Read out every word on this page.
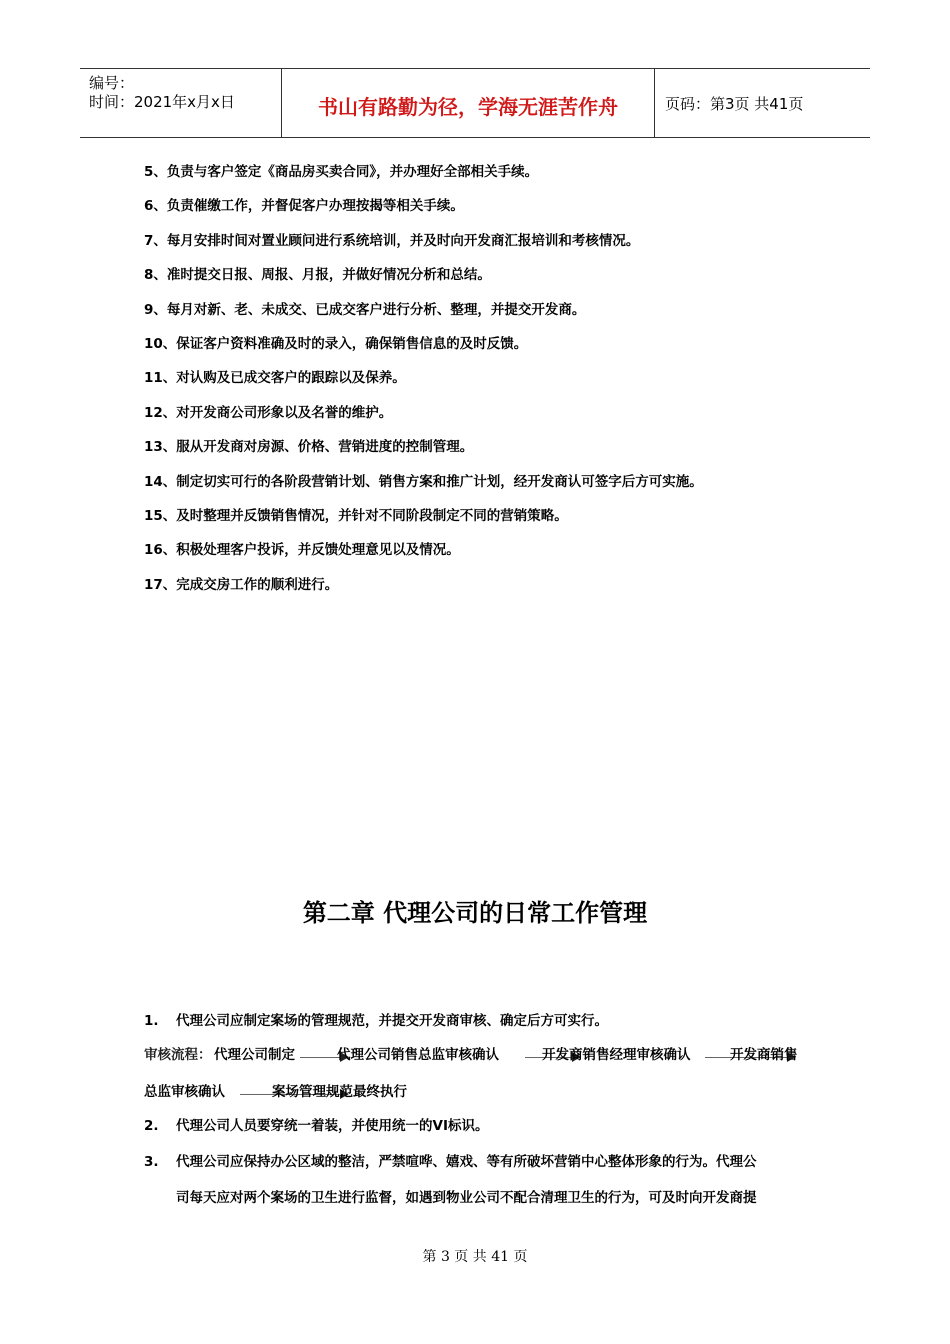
编号：
时间：2021年x月x日	书山有路勤为径，学海无涯苦作舟	页码：第3页 共41页
5、负责与客户签定《商品房买卖合同》，并办理好全部相关手续。
6、负责催缴工作，并督促客户办理按揭等相关手续。
7、每月安排时间对置业顾问进行系统培训，并及时向开发商汇报培训和考核情况。
8、准时提交日报、周报、月报，并做好情况分析和总结。
9、每月对新、老、未成交、已成交客户进行分析、整理，并提交开发商。
10、保证客户资料准确及时的录入，确保销售信息的及时反馈。
11、对认购及已成交客户的跟踪以及保养。
12、对开发商公司形象以及名誉的维护。
13、服从开发商对房源、价格、营销进度的控制管理。
14、制定切实可行的各阶段营销计划、销售方案和推广计划，经开发商认可签字后方可实施。
15、及时整理并反馈销售情况，并针对不同阶段制定不同的营销策略。
16、积极处理客户投诉，并反馈处理意见以及情况。
17、完成交房工作的顺利进行。
第二章 代理公司的日常工作管理
1. 代理公司应制定案场的管理规范，并提交开发商审核、确定后方可实行。
审核流程： 代理公司制定	代理公司销售总监审核确认	开发商销售经理审核确认	开发商销售
总监审核确认	案场管理规范最终执行
2. 代理公司人员要穿统一着装，并使用统一的VI标识。
3. 代理公司应保持办公区域的整洁，严禁喧哗、嬉戏、等有所破坏营销中心整体形象的行为。代理公
司每天应对两个案场的卫生进行监督，如遇到物业公司不配合清理卫生的行为，可及时向开发商提
第 3 页 共 41 页
